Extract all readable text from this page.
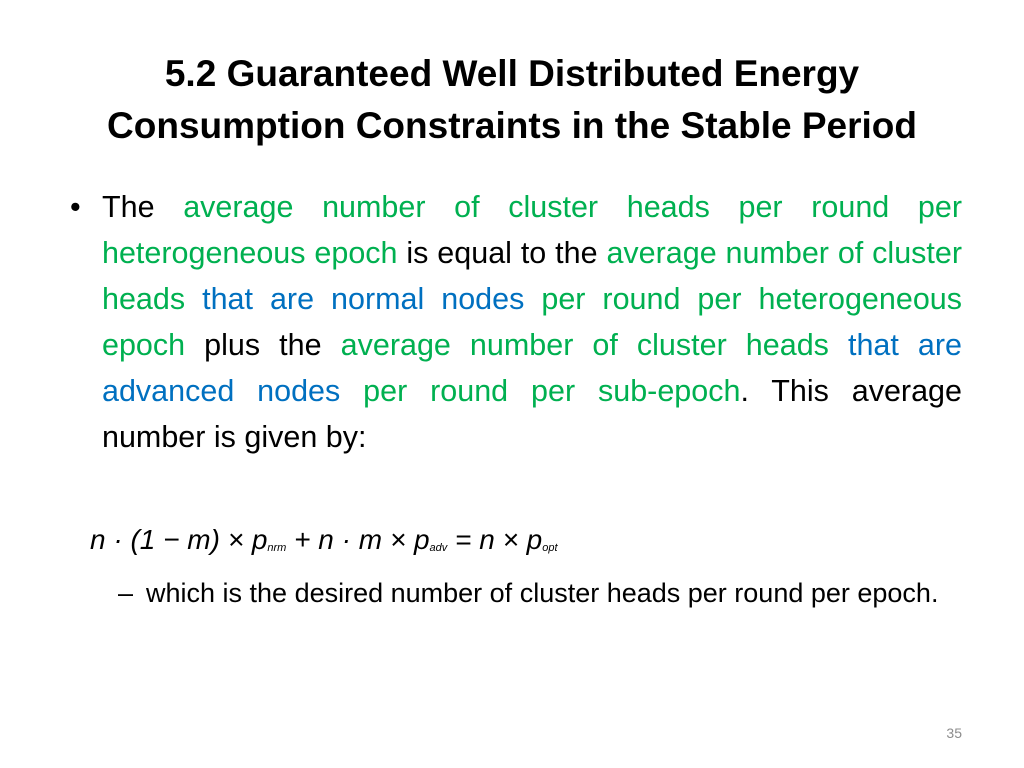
5.2 Guaranteed Well Distributed Energy
Consumption Constraints in the Stable Period

• The average number of cluster heads per round per heterogeneous epoch is equal to the average number of cluster heads that are normal nodes per round per heterogeneous epoch plus the average number of cluster heads that are advanced nodes per round per sub-epoch. This average number is given by:

$n \cdot (1 - m) \times p_{nrm} + n \cdot m \times p_{adv} = n \times p_{opt}$
– which is the desired number of cluster heads per round per epoch.
35
